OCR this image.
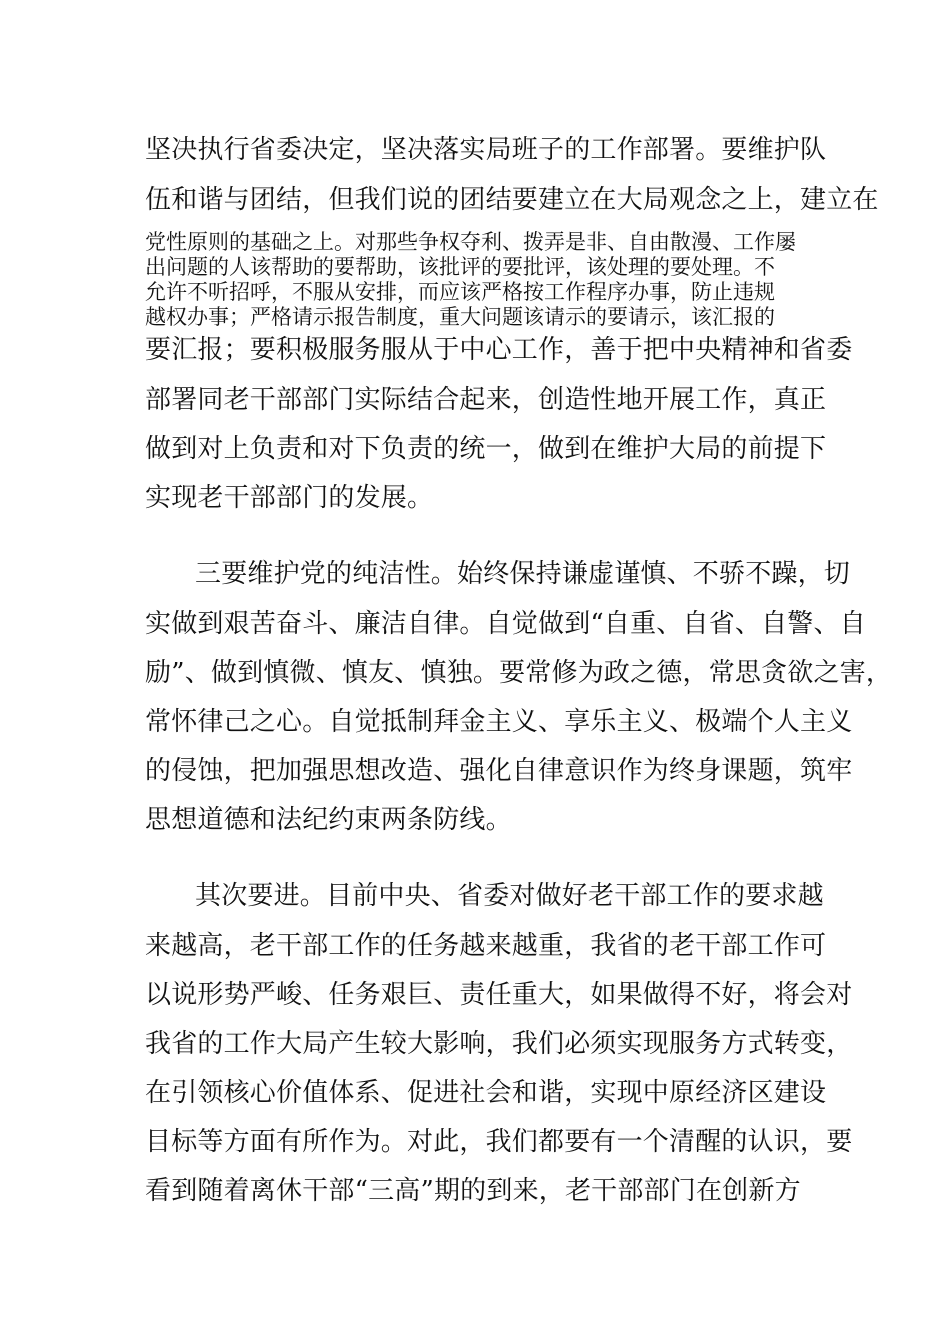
坚决执行省委决定，坚决落实局班子的工作部署。要维护队
伍和谐与团结，但我们说的团结要建立在大局观念之上，建立在
党性原则的基础之上。对那些争权夺利、拨弄是非、自由散漫、工作屡
出问题的人该帮助的要帮助，该批评的要批评，该处理的要处理。不
允许不听招呼，不服从安排，而应该严格按工作程序办事，防止违规
越权办事；严格请示报告制度，重大问题该请示的要请示，该汇报的
要汇报；要积极服务服从于中心工作，善于把中央精神和省委
部署同老干部部门实际结合起来，创造性地开展工作，真正
做到对上负责和对下负责的统一，做到在维护大局的前提下
实现老干部部门的发展。
三要维护党的纯洁性。始终保持谦虚谨慎、不骄不躁，切
实做到艰苦奋斗、廉洁自律。自觉做到“自重、自省、自警、自
励”、做到慎微、慎友、慎独。要常修为政之德，常思贪欲之害，
常怀律己之心。自觉抵制拜金主义、享乐主义、极端个人主义
的侵蚀，把加强思想改造、强化自律意识作为终身课题，筑牢
思想道德和法纪约束两条防线。
其次要进。目前中央、省委对做好老干部工作的要求越
来越高，老干部工作的任务越来越重，我省的老干部工作可
以说形势严峻、任务艰巨、责任重大，如果做得不好，将会对
我省的工作大局产生较大影响，我们必须实现服务方式转变，
在引领核心价值体系、促进社会和谐，实现中原经济区建设
目标等方面有所作为。对此，我们都要有一个清醒的认识，要
看到随着离休干部“三高”期的到来，老干部部门在创新方
